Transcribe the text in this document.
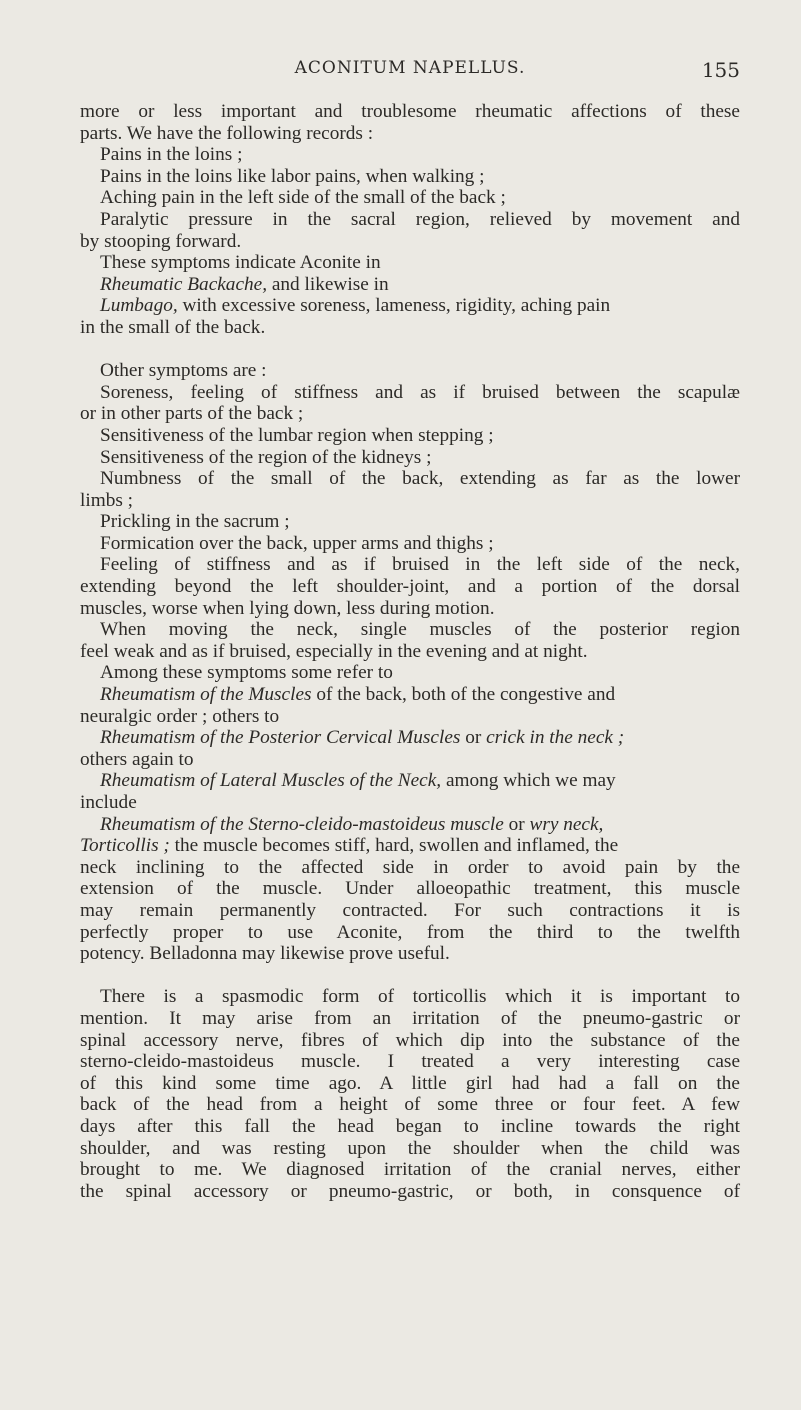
ACONITUM NAPELLUS.	155
more or less important and troublesome rheumatic affections of these
parts. We have the following records :
Pains in the loins ;
Pains in the loins like labor pains, when walking ;
Aching pain in the left side of the small of the back ;
Paralytic pressure in the sacral region, relieved by movement and
by stooping forward.
These symptoms indicate Aconite in
Rheumatic Backache, and likewise in
Lumbago, with excessive soreness, lameness, rigidity, aching pain
in the small of the back.
Other symptoms are :
Soreness, feeling of stiffness and as if bruised between the scapulæ
or in other parts of the back ;
Sensitiveness of the lumbar region when stepping ;
Sensitiveness of the region of the kidneys ;
Numbness of the small of the back, extending as far as the lower
limbs ;
Prickling in the sacrum ;
Formication over the back, upper arms and thighs ;
Feeling of stiffness and as if bruised in the left side of the neck,
extending beyond the left shoulder-joint, and a portion of the dorsal
muscles, worse when lying down, less during motion.
When moving the neck, single muscles of the posterior region
feel weak and as if bruised, especially in the evening and at night.
Among these symptoms some refer to
Rheumatism of the Muscles of the back, both of the congestive and
neuralgic order ; others to
Rheumatism of the Posterior Cervical Muscles or crick in the neck ;
others again to
Rheumatism of Lateral Muscles of the Neck, among which we may
include
Rheumatism of the Sterno-cleido-mastoideus muscle or wry neck,
Torticollis ; the muscle becomes stiff, hard, swollen and inflamed, the
neck inclining to the affected side in order to avoid pain by the
extension of the muscle. Under alloeopathic treatment, this muscle
may remain permanently contracted. For such contractions it is
perfectly proper to use Aconite, from the third to the twelfth
potency. Belladonna may likewise prove useful.
There is a spasmodic form of torticollis which it is important to
mention. It may arise from an irritation of the pneumo-gastric or
spinal accessory nerve, fibres of which dip into the substance of the
sterno-cleido-mastoideus muscle. I treated a very interesting case
of this kind some time ago. A little girl had had a fall on the
back of the head from a height of some three or four feet. A few
days after this fall the head began to incline towards the right
shoulder, and was resting upon the shoulder when the child was
brought to me. We diagnosed irritation of the cranial nerves, either
the spinal accessory or pneumo-gastric, or both, in consquence of
